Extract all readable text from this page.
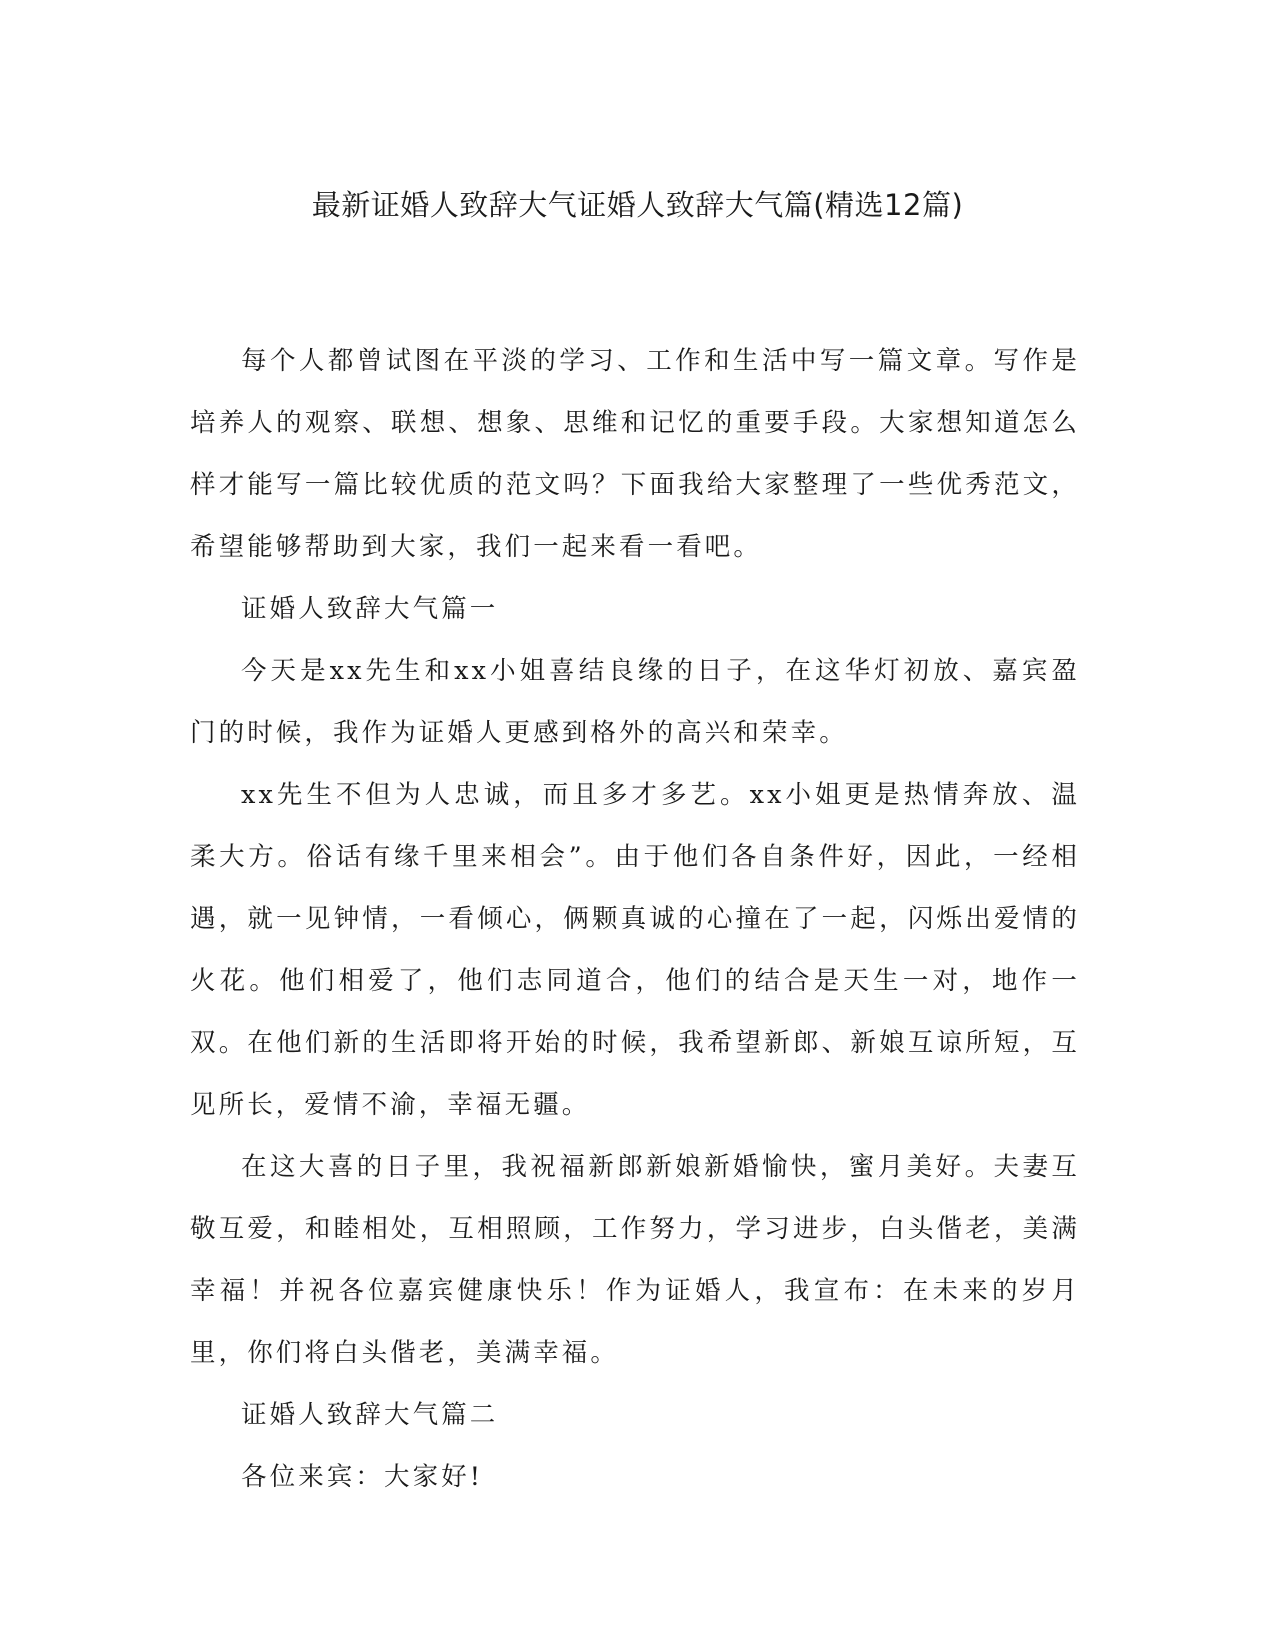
最新证婚人致辞大气证婚人致辞大气篇(精选12篇)

每个人都曾试图在平淡的学习、工作和生活中写一篇文章。写作是培养人的观察、联想、想象、思维和记忆的重要手段。大家想知道怎么样才能写一篇比较优质的范文吗？下面我给大家整理了一些优秀范文，希望能够帮助到大家，我们一起来看一看吧。

证婚人致辞大气篇一

今天是xx先生和xx小姐喜结良缘的日子，在这华灯初放、嘉宾盈门的时候，我作为证婚人更感到格外的高兴和荣幸。

xx先生不但为人忠诚，而且多才多艺。xx小姐更是热情奔放、温柔大方。俗话有缘千里来相会”。由于他们各自条件好，因此，一经相遇，就一见钟情，一看倾心，俩颗真诚的心撞在了一起，闪烁出爱情的火花。他们相爱了，他们志同道合，他们的结合是天生一对，地作一双。在他们新的生活即将开始的时候，我希望新郎、新娘互谅所短，互见所长，爱情不渝，幸福无疆。

在这大喜的日子里，我祝福新郎新娘新婚愉快，蜜月美好。夫妻互敬互爱，和睦相处，互相照顾，工作努力，学习进步，白头偕老，美满幸福！并祝各位嘉宾健康快乐！作为证婚人，我宣布：在未来的岁月里，你们将白头偕老，美满幸福。

证婚人致辞大气篇二

各位来宾：大家好!
